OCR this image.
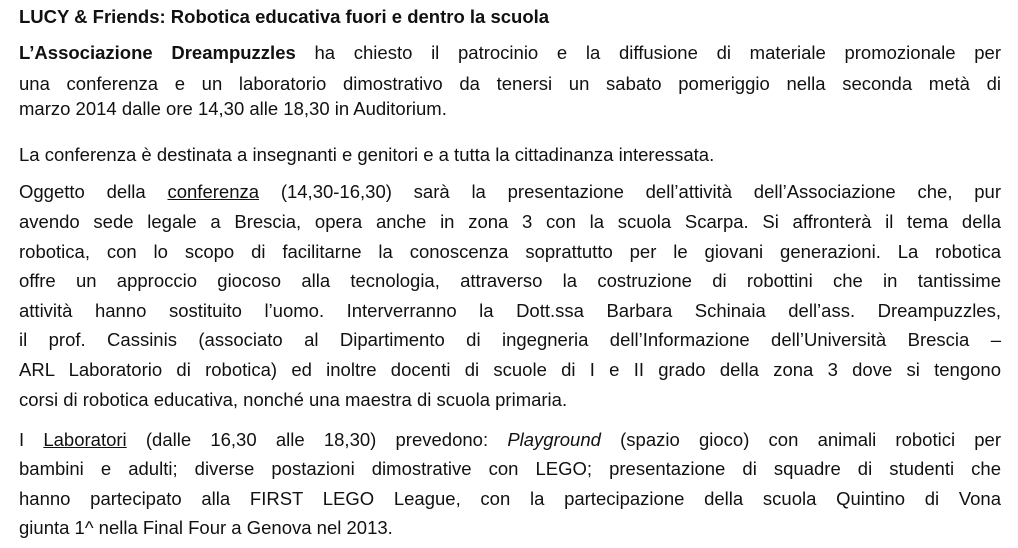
LUCY & Friends: Robotica educativa fuori e dentro la scuola
L’Associazione Dreampuzzles ha chiesto il patrocinio e la diffusione di materiale promozionale per
una conferenza e un laboratorio dimostrativo da tenersi un sabato pomeriggio nella seconda metà di
marzo 2014 dalle ore 14,30 alle 18,30 in Auditorium.
La conferenza è destinata a insegnanti e genitori e a tutta la cittadinanza interessata.
Oggetto della conferenza (14,30-16,30) sarà la presentazione dell’attività dell’Associazione che, pur
avendo sede legale a Brescia, opera anche in zona 3 con la scuola Scarpa. Si affronterà il tema della
robotica, con lo scopo di facilitarne la conoscenza soprattutto per le giovani generazioni. La robotica
offre un approccio giocoso alla tecnologia, attraverso la costruzione di robottini che in tantissime
attività hanno sostituito l’uomo. Interverranno la Dott.ssa Barbara Schinaia dell’ass. Dreampuzzles,
il prof. Cassinis (associato al Dipartimento di ingegneria dell’Informazione dell’Università Brescia –
ARL Laboratorio di robotica) ed inoltre docenti di scuole di I e II grado della zona 3 dove si tengono
corsi di robotica educativa, nonché una maestra di scuola primaria.
I Laboratori (dalle 16,30 alle 18,30) prevedono: Playground (spazio gioco) con animali robotici per
bambini e adulti; diverse postazioni dimostrative con LEGO; presentazione di squadre di studenti che
hanno partecipato alla FIRST LEGO League, con la partecipazione della scuola Quintino di Vona
giunta 1^ nella Final Four a Genova nel 2013.
